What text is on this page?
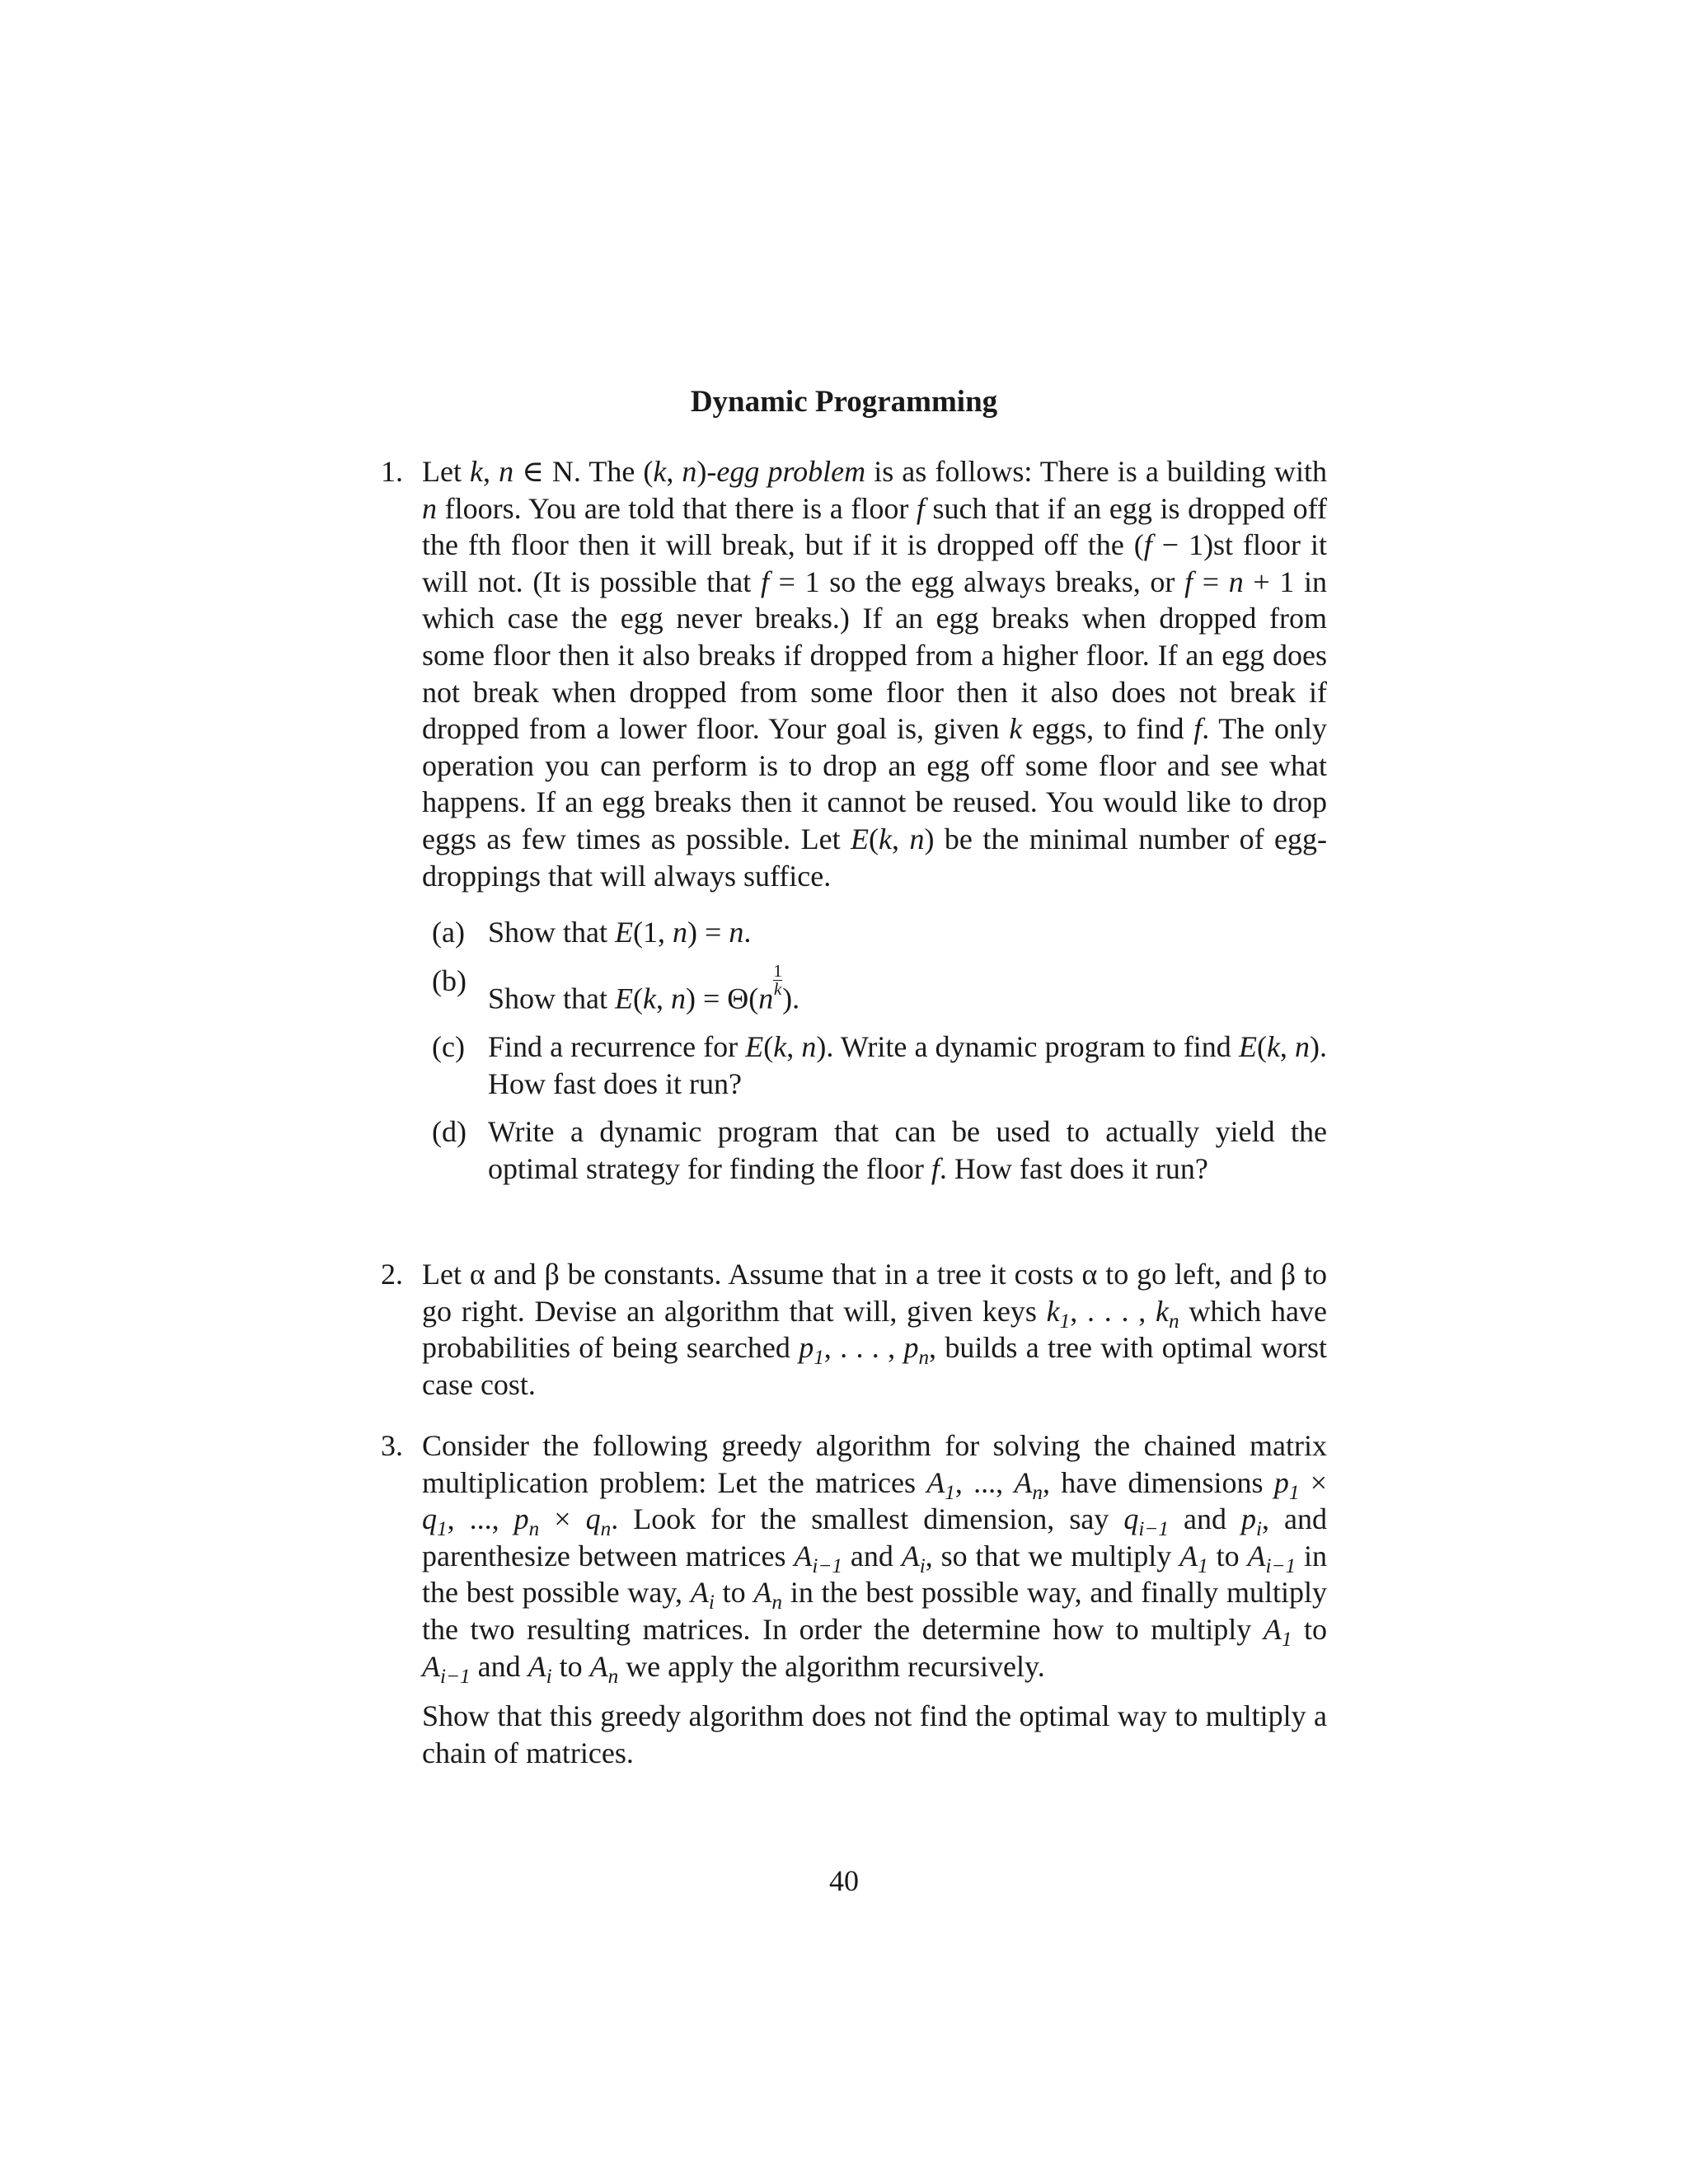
Dynamic Programming
1. Let k, n ∈ N. The (k, n)-egg problem is as follows: There is a building with n floors. You are told that there is a floor f such that if an egg is dropped off the fth floor then it will break, but if it is dropped off the (f − 1)st floor it will not. (It is possible that f = 1 so the egg always breaks, or f = n + 1 in which case the egg never breaks.) If an egg breaks when dropped from some floor then it also breaks if dropped from a higher floor. If an egg does not break when dropped from some floor then it also does not break if dropped from a lower floor. Your goal is, given k eggs, to find f. The only operation you can perform is to drop an egg off some floor and see what happens. If an egg breaks then it cannot be reused. You would like to drop eggs as few times as possible. Let E(k, n) be the minimal number of egg-droppings that will always suffice.
(a) Show that E(1, n) = n.
(b)
Show that E(k, $n) = \Theta(n \frac{1}{k}$ ).
(c) Find a recurrence for E(k, n). Write a dynamic program to find E(k, n). How fast does it run?
(d) Write a dynamic program that can be used to actually yield the optimal strategy for finding the floor f. How fast does it run?
2. Let α and β be constants. Assume that in a tree it costs α to go left, and β to go right. Devise an algorithm that will, given keys $k_1$, . . . , $k_n$ which have probabilities of being searched $p_1$, . . . , $p_n$, builds a tree with optimal worst case cost.
3. Consider the following greedy algorithm for solving the chained matrix multiplication problem: Let the matrices $A_1$, ..., $A_n$, have dimensions $p_1 \times q_1$, ..., $p_n \times q_n$. Look for the smallest dimension, say $q_{i-1}$ and $p_i$, and parenthesize between matrices $A_{i-1}$ and $A_i$, so that we multiply $A_1$ to $A_{i-1}$ in the best possible way, $A_i$ to $A_n$ in the best possible way, and finally multiply the two resulting matrices. In order the determine how to multiply $A_1$ to $A_{i-1}$ and $A_i$ to $A_n$ we apply the algorithm recursively.
Show that this greedy algorithm does not find the optimal way to multiply a chain of matrices.
40
